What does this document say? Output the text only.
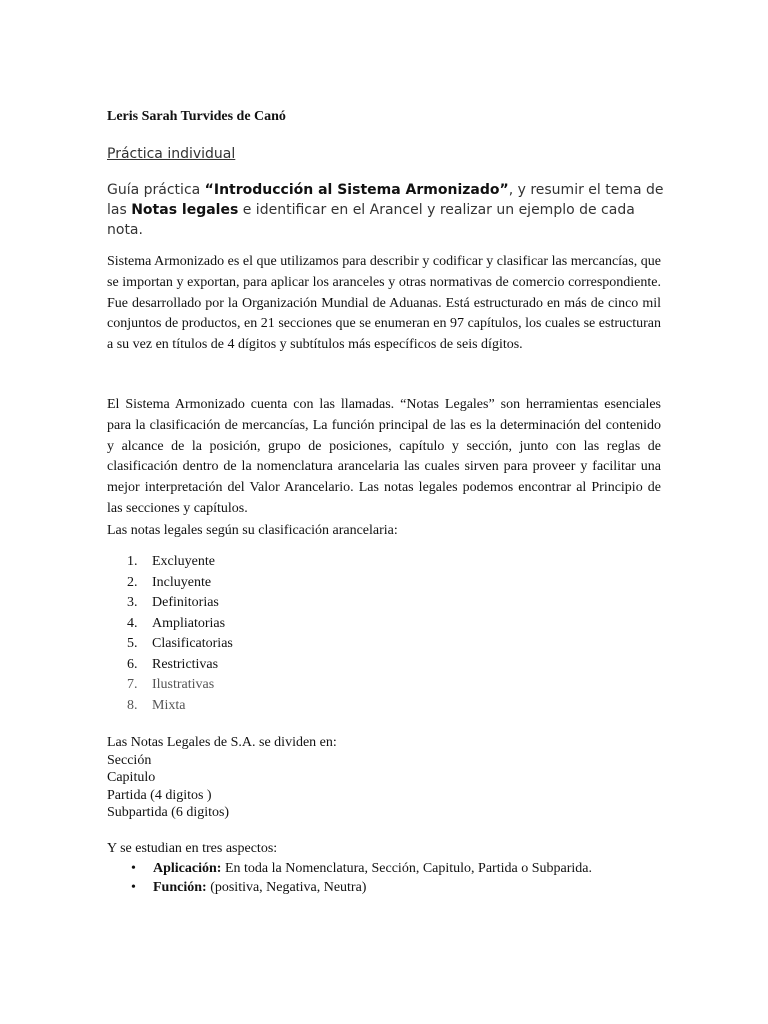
Leris Sarah Turvides de Canó

Práctica individual

Guía práctica “Introducción al Sistema Armonizado”, y resumir el tema de las Notas legales e identificar en el Arancel y realizar un ejemplo de cada nota.

Sistema Armonizado es el que utilizamos para describir y codificar y clasificar las mercancías, que se importan y exportan, para aplicar los aranceles y otras normativas de comercio correspondiente. Fue desarrollado por la Organización Mundial de Aduanas. Está estructurado en más de cinco mil conjuntos de productos, en 21 secciones que se enumeran en 97 capítulos, los cuales se estructuran a su vez en títulos de 4 dígitos y subtítulos más específicos de seis dígitos.

El Sistema Armonizado cuenta con las llamadas. “Notas Legales” son herramientas esenciales para la clasificación de mercancías, La función principal de las es la determinación del contenido y alcance de la posición, grupo de posiciones, capítulo y sección, junto con las reglas de clasificación dentro de la nomenclatura arancelaria las cuales sirven para proveer y facilitar una mejor interpretación del Valor Arancelario. Las notas legales podemos encontrar al Principio de las secciones y capítulos.

Las notas legales según su clasificación arancelaria:

1. Excluyente
2. Incluyente
3. Definitorias
4. Ampliatorias
5. Clasificatorias
6. Restrictivas
7. Ilustrativas
8. Mixta
Las Notas Legales de S.A. se dividen en:
Sección
Capitulo
Partida (4 digitos )
Subpartida (6 digitos)

Y se estudian en tres aspectos:

• Aplicación: En toda la Nomenclatura, Sección, Capitulo, Partida o Subparida.
• Función: (positiva, Negativa, Neutra)
